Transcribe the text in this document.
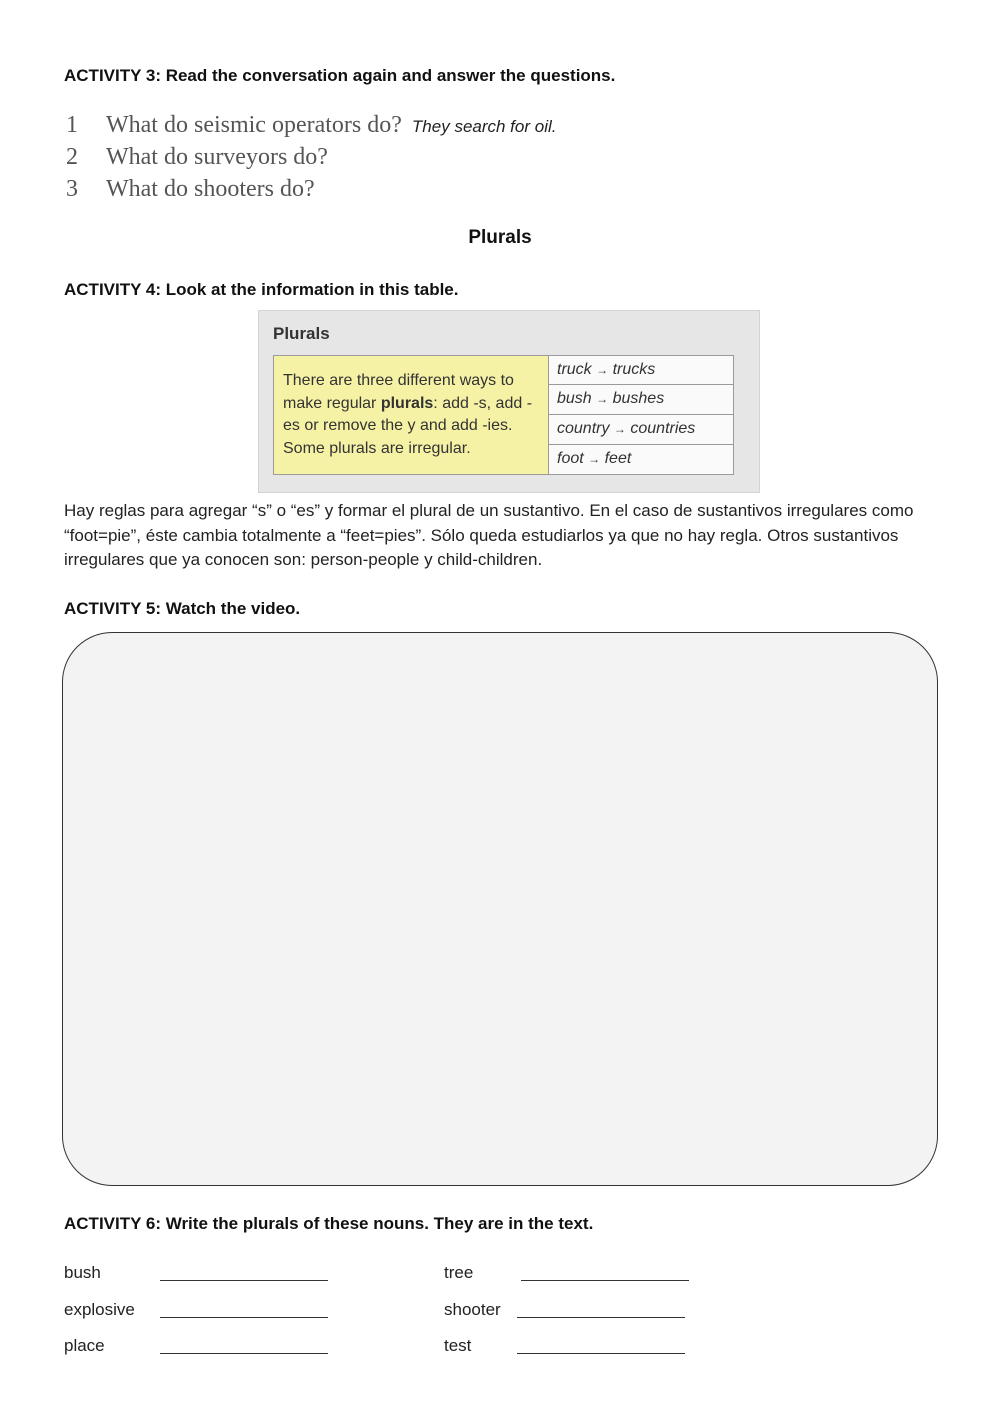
ACTIVITY 3: Read the conversation again and answer the questions.
1 What do seismic operators do? They search for oil.
2 What do surveyors do?
3 What do shooters do?
Plurals
ACTIVITY 4: Look at the information in this table.
Plurals
There are three different ways to make regular plurals: add -s, add -es or remove the y and add -ies. Some plurals are irregular.
truck → trucks
bush → bushes
country → countries
foot → feet
Hay reglas para agregar “s” o “es” y formar el plural de un sustantivo. En el caso de sustantivos irregulares como “foot=pie”, éste cambia totalmente a “feet=pies”. Sólo queda estudiarlos ya que no hay regla. Otros sustantivos irregulares que ya conocen son: person-people y child-children.
ACTIVITY 5: Watch the video.
ACTIVITY 6: Write the plurals of these nouns. They are in the text.
bush	tree
explosive	shooter
place	test
